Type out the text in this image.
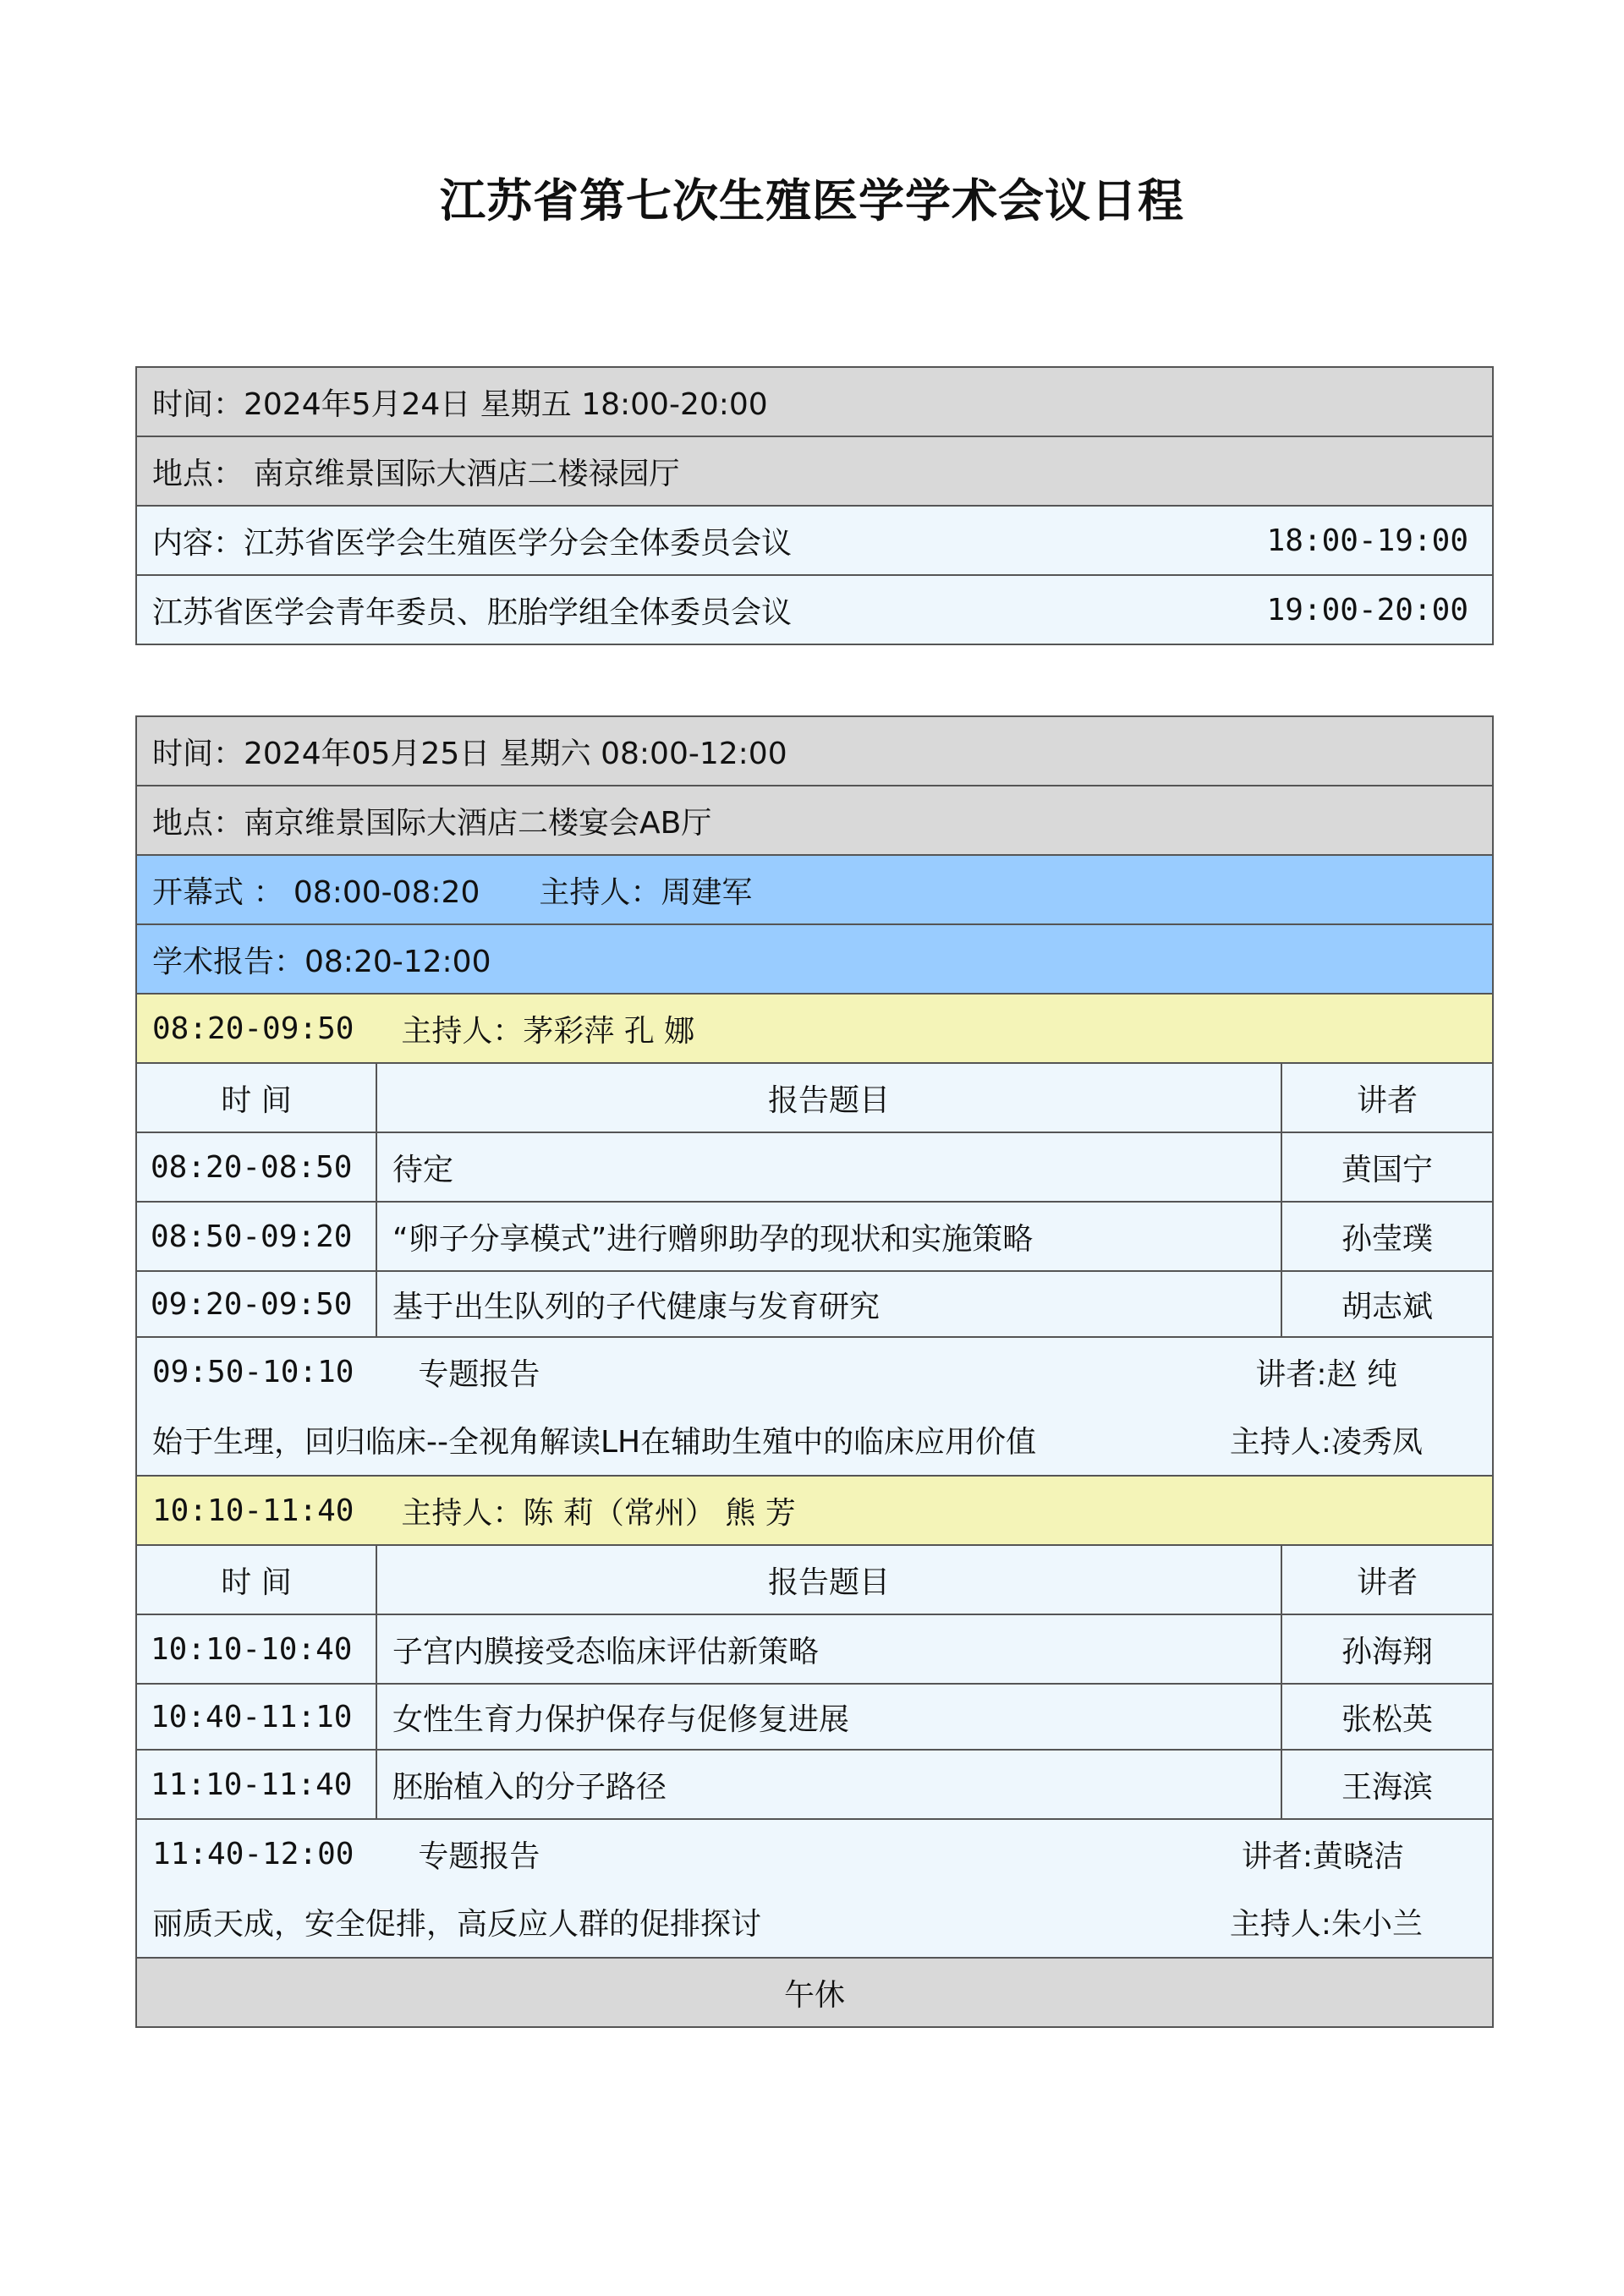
江苏省第七次生殖医学学术会议日程
时间：2024年5月24日 星期五 18:00-20:00
地点： 南京维景国际大酒店二楼禄园厅
内容：江苏省医学会生殖医学分会全体委员会议	18:00-19:00
江苏省医学会青年委员、胚胎学组全体委员会议	19:00-20:00
时间：2024年05月25日 星期六 08:00-12:00
地点：南京维景国际大酒店二楼宴会AB厅
开幕式 ： 08:00-08:20 主持人：周建军
学术报告：08:20-12:00
08:20-09:50 主持人：茅彩萍 孔 娜
时 间	报告题目	讲者
08:20-08:50	待定	黄国宁
08:50-09:20	“卵子分享模式”进行赠卵助孕的现状和实施策略	孙莹璞
09:20-09:50	基于出生队列的子代健康与发育研究	胡志斌
09:50-10:10 专题报告	讲者:赵 纯
始于生理，回归临床--全视角解读LH在辅助生殖中的临床应用价值	主持人:凌秀凤
10:10-11:40 主持人：陈 莉（常州） 熊 芳
时 间	报告题目	讲者
10:10-10:40	子宫内膜接受态临床评估新策略	孙海翔
10:40-11:10	女性生育力保护保存与促修复进展	张松英
11:10-11:40	胚胎植入的分子路径	王海滨
11:40-12:00 专题报告	讲者:黄晓洁
丽质天成，安全促排，高反应人群的促排探讨	主持人:朱小兰
午休
